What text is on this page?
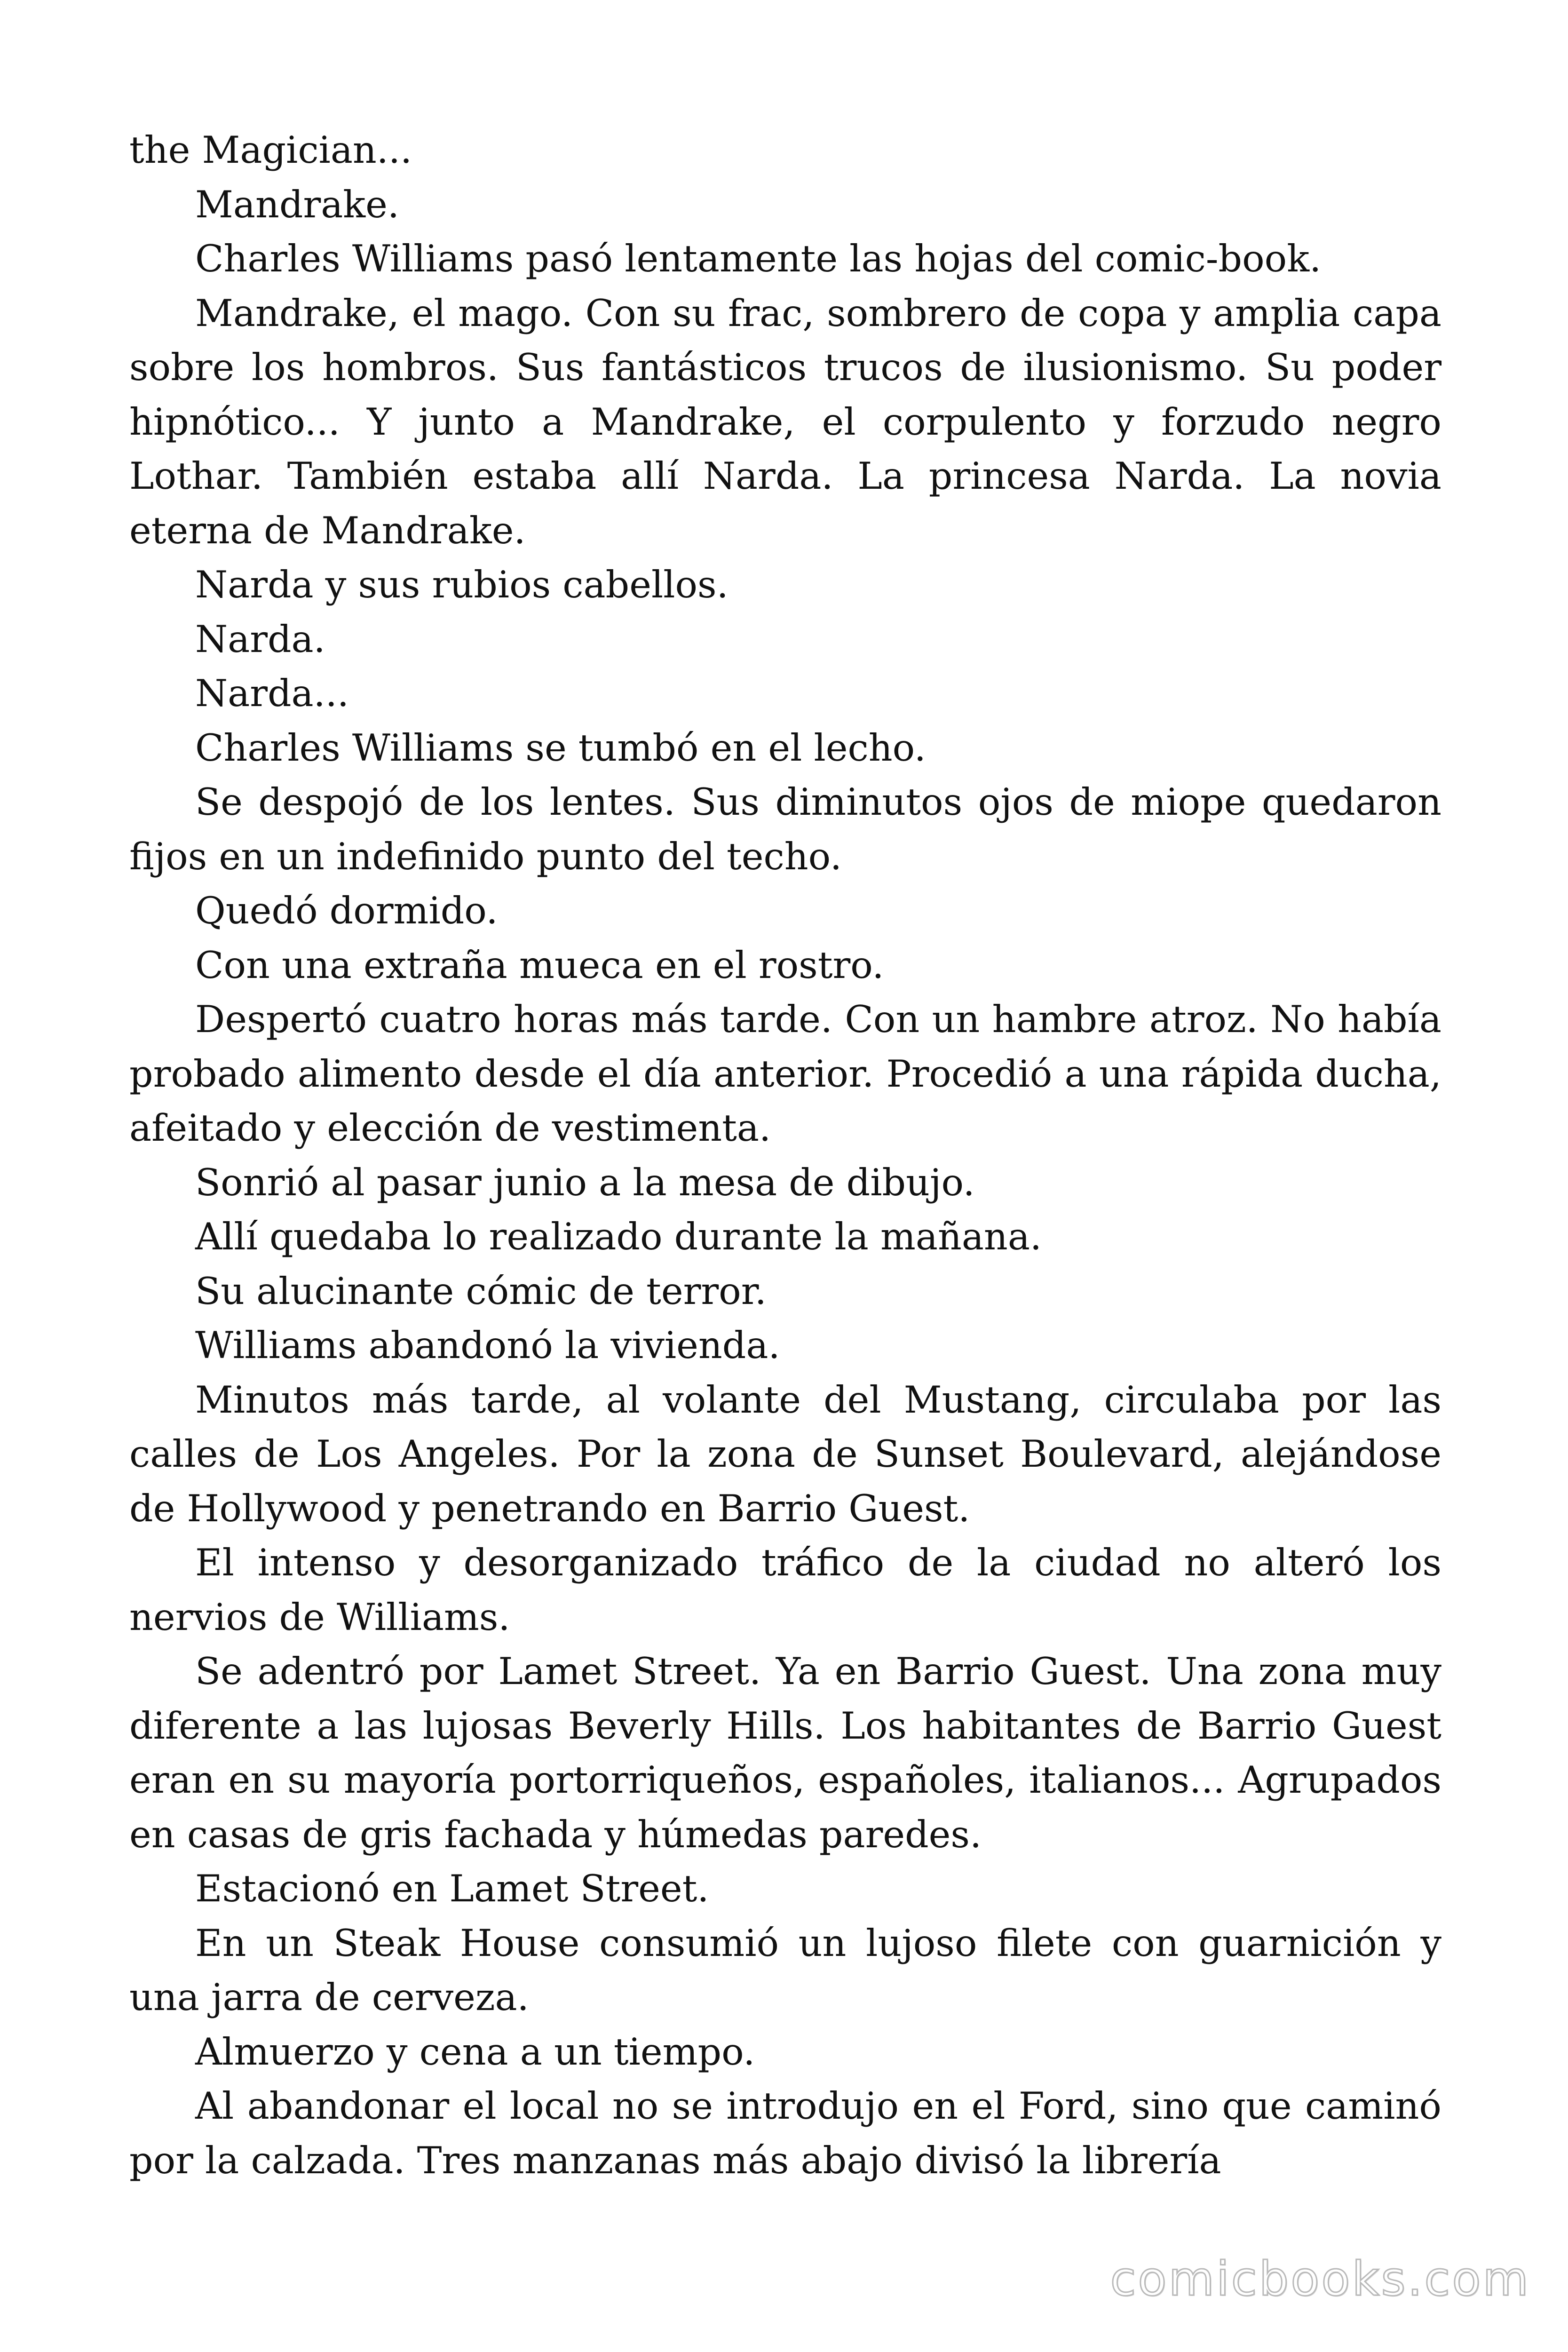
the Magician...

Mandrake.

Charles Williams pasó lentamente las hojas del comic-book.

Mandrake, el mago. Con su frac, sombrero de copa y amplia capa sobre los hombros. Sus fantásticos trucos de ilusionismo. Su poder hipnótico... Y junto a Mandrake, el corpulento y forzudo negro Lothar. También estaba allí Narda. La princesa Narda. La novia eterna de Mandrake.

Narda y sus rubios cabellos.

Narda.

Narda...

Charles Williams se tumbó en el lecho.

Se despojó de los lentes. Sus diminutos ojos de miope quedaron fijos en un indefinido punto del techo.

Quedó dormido.

Con una extraña mueca en el rostro.

Despertó cuatro horas más tarde. Con un hambre atroz. No había probado alimento desde el día anterior. Procedió a una rápida ducha, afeitado y elección de vestimenta.

Sonrió al pasar junio a la mesa de dibujo.

Allí quedaba lo realizado durante la mañana.

Su alucinante cómic de terror.

Williams abandonó la vivienda.

Minutos más tarde, al volante del Mustang, circulaba por las calles de Los Angeles. Por la zona de Sunset Boulevard, alejándose de Hollywood y penetrando en Barrio Guest.

El intenso y desorganizado tráfico de la ciudad no alteró los nervios de Williams.

Se adentró por Lamet Street. Ya en Barrio Guest. Una zona muy diferente a las lujosas Beverly Hills. Los habitantes de Barrio Guest eran en su mayoría portorriqueños, españoles, italianos... Agrupados en casas de gris fachada y húmedas paredes.

Estacionó en Lamet Street.

En un Steak House consumió un lujoso filete con guarnición y una jarra de cerveza.

Almuerzo y cena a un tiempo.

Al abandonar el local no se introdujo en el Ford, sino que caminó por la calzada. Tres manzanas más abajo divisó la librería

comicbooks.com
